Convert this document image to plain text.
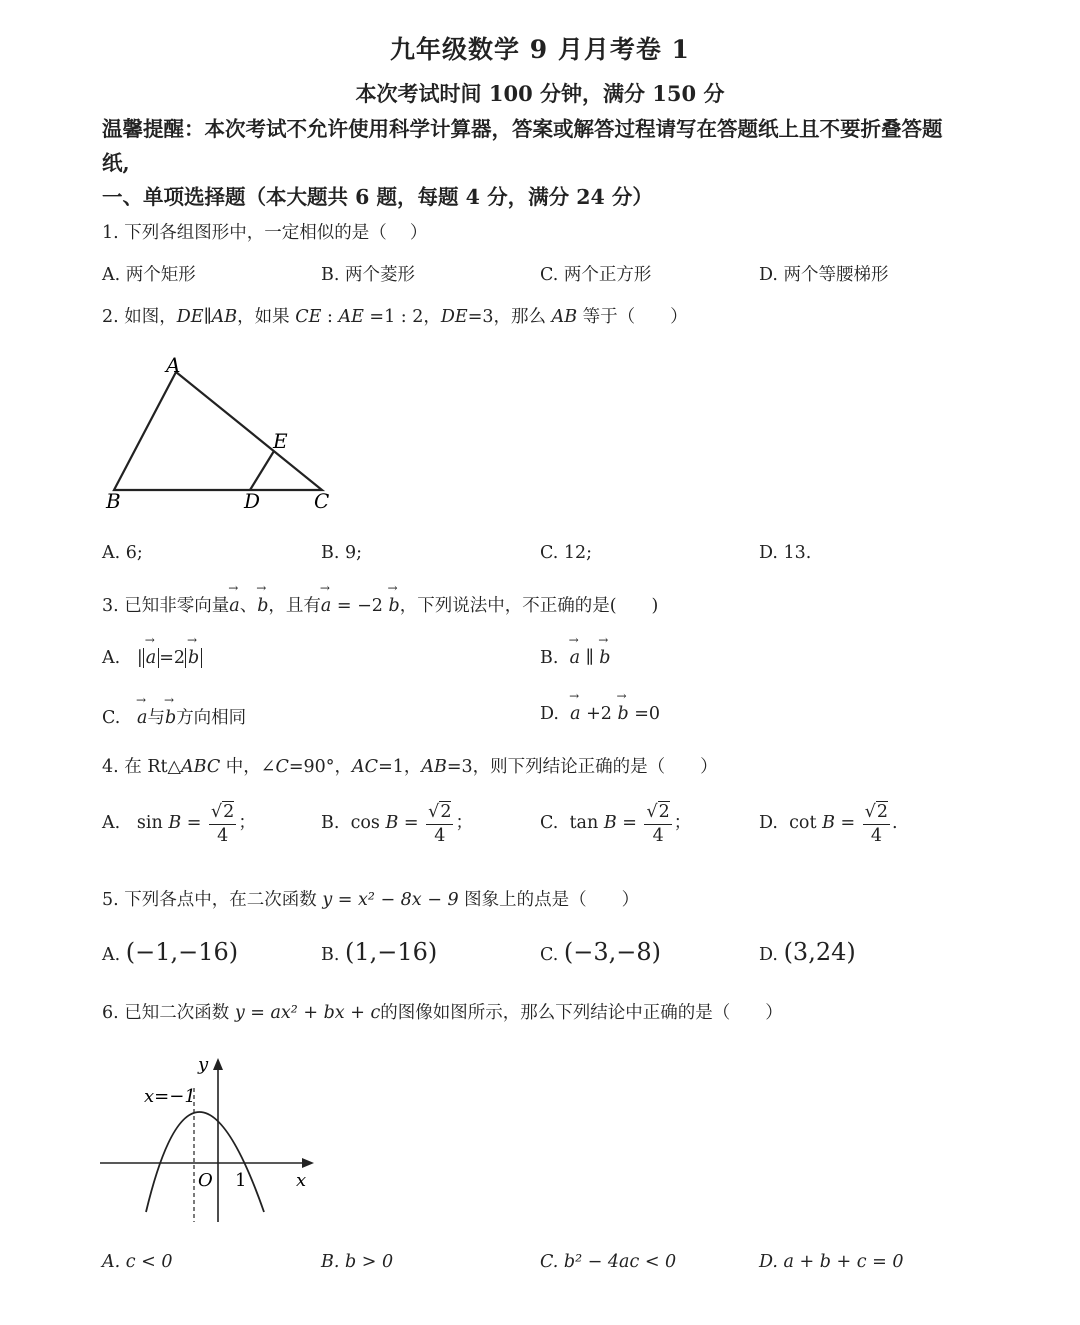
九年级数学 9 月月考卷 1
本次考试时间 100 分钟，满分 150 分
温馨提醒：本次考试不允许使用科学计算器，答案或解答过程请写在答题纸上且不要折叠答题
纸,
一、单项选择题（本大题共 6 题，每题 4 分，满分 24 分）
1. 下列各组图形中，一定相似的是（　 ）
A. 两个矩形	B. 两个菱形	C. 两个正方形	D. 两个等腰梯形
2. 如图，DE∥AB，如果 CE : AE =1 : 2，DE=3，那么 AB 等于（　　）
A
B	D	C
E
A. 6;	B. 9;	C. 12;	D. 13.
3. 已知非零向量→ a、→ b，且有→ a = −2 → b，下列说法中，不正确的是(　　)
A.   | → a =2 → b	B. → a ∥ → b
C. → a与→ b方向相同	D. → a +2 → b =0
4. 在 Rt△ABC 中，∠C=90°，AC=1，AB=3，则下列结论正确的是（　　）
A. $\sin B = \frac{√2}{4}$ ；	B. $\cos B = \frac{√2}{4}$ ；	C. $\tan B = \frac{√2}{4}$ ；	D. $\cot B = \frac{√2}{4}$ .
5. 下列各点中，在二次函数 y = x² − 8x − 9 图象上的点是（　　）
A. (−1,−16)	B. (1,−16)	C. (−3,−8)	D. (3,24)
6. 已知二次函数 y = ax² + bx + c的图像如图所示，那么下列结论中正确的是（　　）
x=−1
y
x
O 1
A. c < 0	B. b > 0	C. b² − 4ac < 0	D. a + b + c = 0
